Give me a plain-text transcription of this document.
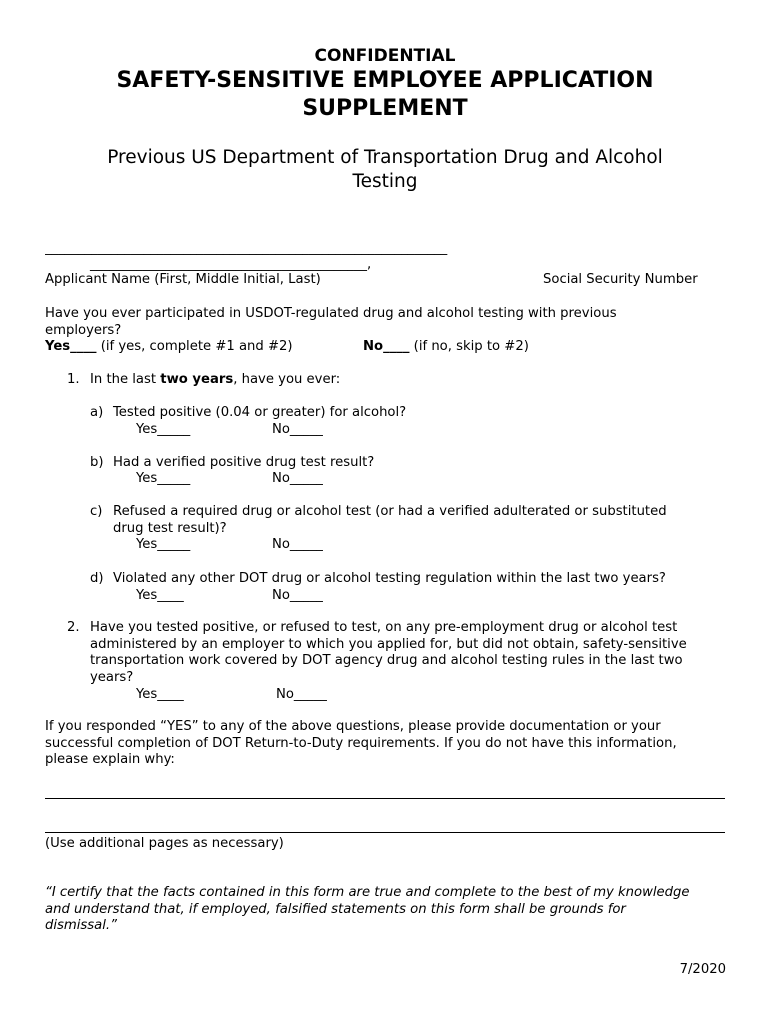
CONFIDENTIAL
SAFETY-SENSITIVE EMPLOYEE APPLICATION
SUPPLEMENT
Previous US Department of Transportation Drug and Alcohol
Testing
_____________________________________________________________
__________________________________________,
Applicant Name (First, Middle Initial, Last)	Social Security Number
Have you ever participated in USDOT-regulated drug and alcohol testing with previous
employers?
Yes____ (if yes, complete #1 and #2)	No____ (if no, skip to #2)
1. In the last two years, have you ever:
a) Tested positive (0.04 or greater) for alcohol?
Yes_____	No_____
b) Had a verified positive drug test result?
Yes_____	No_____
c) Refused a required drug or alcohol test (or had a verified adulterated or substituted
drug test result)?
Yes_____	No_____
d) Violated any other DOT drug or alcohol testing regulation within the last two years?
Yes____	No_____
2. Have you tested positive, or refused to test, on any pre-employment drug or alcohol test
administered by an employer to which you applied for, but did not obtain, safety-sensitive
transportation work covered by DOT agency drug and alcohol testing rules in the last two
years?
Yes____	No_____
If you responded “YES” to any of the above questions, please provide documentation or your
successful completion of DOT Return-to-Duty requirements. If you do not have this information,
please explain why:
(Use additional pages as necessary)
“I certify that the facts contained in this form are true and complete to the best of my knowledge
and understand that, if employed, falsified statements on this form shall be grounds for
dismissal.”
7/2020
